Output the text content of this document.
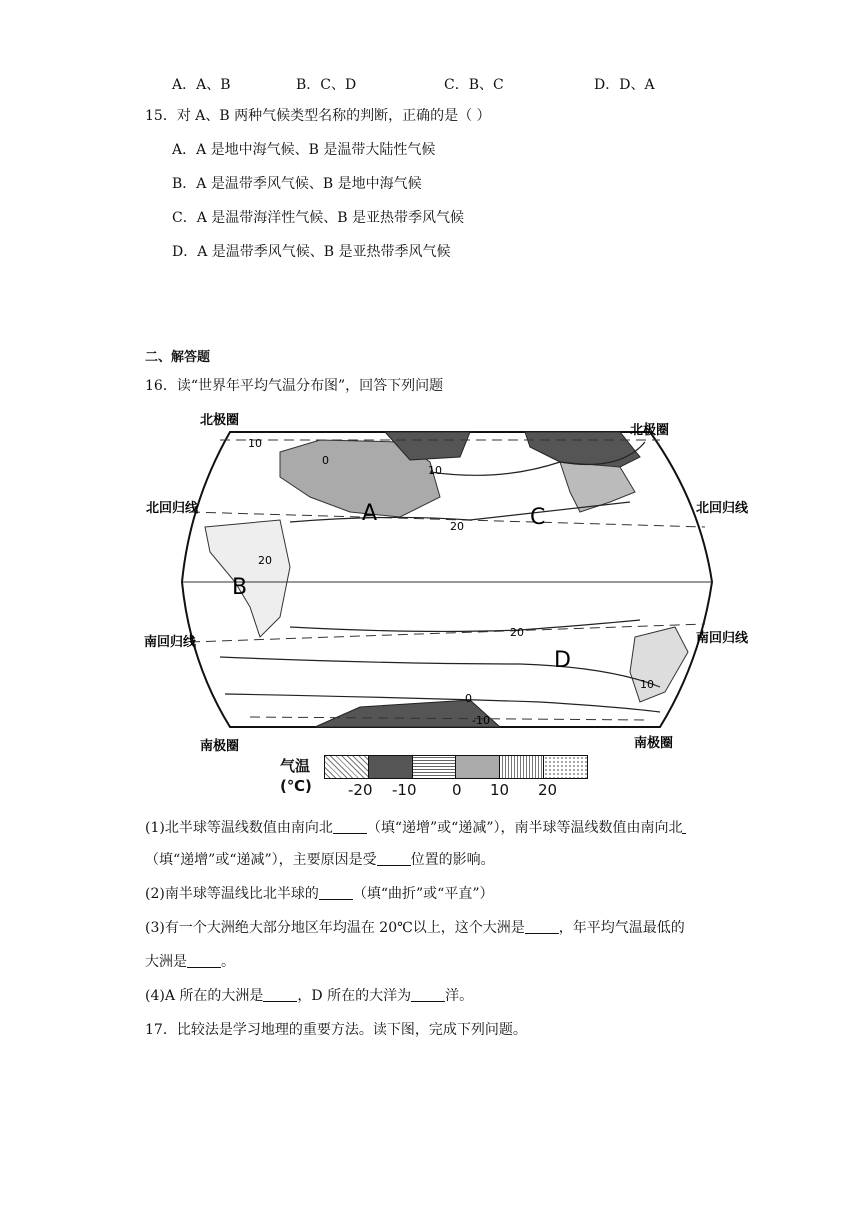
A．A、B	B．C、D	C．B、C	D．D、A
15．对 A、B 两种气候类型名称的判断，正确的是（ ）
A．A 是地中海气候、B 是温带大陆性气候
B．A 是温带季风气候、B 是地中海气候
C．A 是温带海洋性气候、B 是亚热带季风气候
D．A 是温带季风气候、B 是亚热带季风气候
二、解答题
16．读“世界年平均气温分布图”，回答下列问题
10
0
10
20
20
20
10
0
-10
A
B
C
D
北极圈
北极圈
北回归线	北回归线
南回归线	南回归线
南极圈	南极圈
气温
(℃) -20 -10 0 10 20
(1)北半球等温线数值由南向北 （填“递增”或“递减”），南半球等温线数值由南向北
（填“递增”或“递减”），主要原因是受 位置的影响。
(2)南半球等温线比北半球的 （填“曲折”或“平直”）
(3)有一个大洲绝大部分地区年均温在 20℃以上，这个大洲是 ，年平均气温最低的
大洲是 。
(4)A 所在的大洲是 ，D 所在的大洋为 洋。
17．比较法是学习地理的重要方法。读下图，完成下列问题。
